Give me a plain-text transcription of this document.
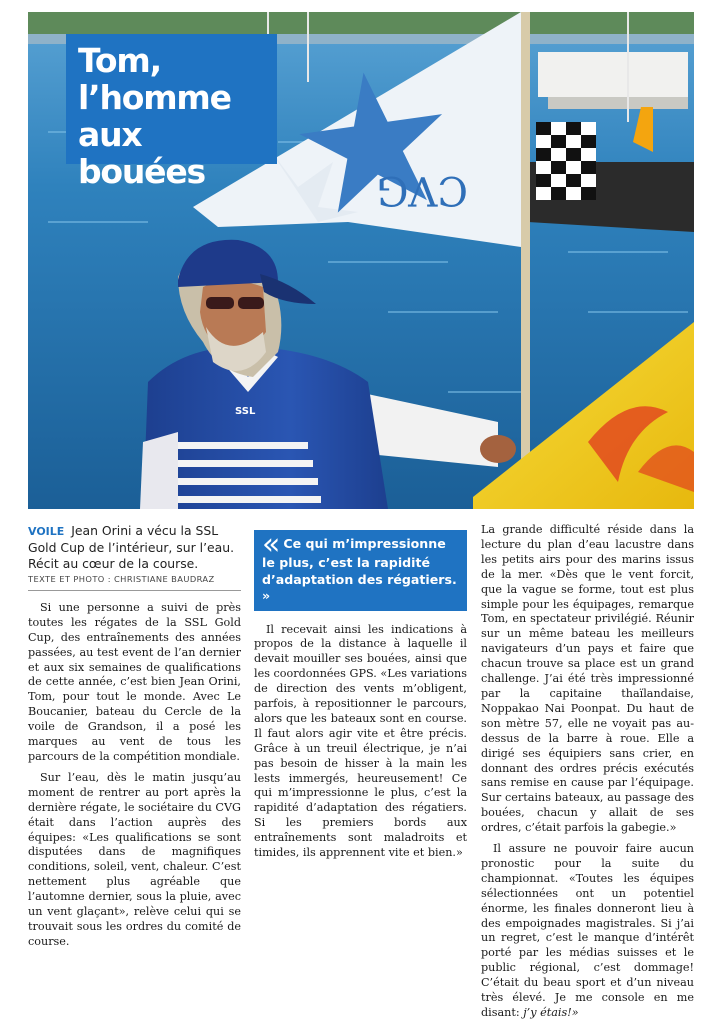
CVG
SSL
Tom,
l’homme
aux bouées

VOILE Jean Orini a vécu la SSL Gold Cup de l’intérieur, sur l’eau. Récit au cœur de la course.

TEXTE ET PHOTO : CHRISTIANE BAUDRAZ

Si une personne a suivi de près toutes les régates de la SSL Gold Cup, des entraînements des années passées, au test event de l’an dernier et aux six semaines de qualifications de cette année, c’est bien Jean Orini, Tom, pour tout le monde. Avec Le Boucanier, bateau du Cercle de la voile de Grandson, il a posé les marques au vent de tous les parcours de la compétition mondiale.

Sur l’eau, dès le matin jusqu’au moment de rentrer au port après la dernière régate, le sociétaire du CVG était dans l’action auprès des équipes: «Les qualifications se sont disputées dans de magnifiques conditions, soleil, vent, chaleur. C’est nettement plus agréable que l’automne dernier, sous la pluie, avec un vent glaçant», relève celui qui se trouvait sous les ordres du comité de course.

« Ce qui m’impressionne le plus, c’est la rapidité d’adaptation des régatiers. »

Il recevait ainsi les indications à propos de la distance à laquelle il devait mouiller ses bouées, ainsi que les coordonnées GPS. «Les variations de direction des vents m’obligent, parfois, à repositionner le parcours, alors que les bateaux sont en course. Il faut alors agir vite et être précis. Grâce à un treuil électrique, je n’ai pas besoin de hisser à la main les lests immergés, heureusement! Ce qui m’impressionne le plus, c’est la rapidité d’adaptation des régatiers. Si les premiers bords aux entraînements sont maladroits et timides, ils apprennent vite et bien.»

La grande difficulté réside dans la lecture du plan d’eau lacustre dans les petits airs pour des marins issus de la mer. «Dès que le vent forcit, que la vague se forme, tout est plus simple pour les équipages, remarque Tom, en spectateur privilégié. Réunir sur un même bateau les meilleurs navigateurs d’un pays et faire que chacun trouve sa place est un grand challenge. J’ai été très impressionné par la capitaine thaïlandaise, Noppakao Nai Poonpat. Du haut de son mètre 57, elle ne voyait pas au-dessus de la barre à roue. Elle a dirigé ses équipiers sans crier, en donnant des ordres précis exécutés sans remise en cause par l’équipage. Sur certains bateaux, au passage des bouées, chacun y allait de ses ordres, c’était parfois la gabegie.»

Il assure ne pouvoir faire aucun pronostic pour la suite du championnat. «Toutes les équipes sélectionnées ont un potentiel énorme, les finales donneront lieu à des empoignades magistrales. Si j’ai un regret, c’est le manque d’intérêt porté par les médias suisses et le public régional, c’est dommage! C’était du beau sport et d’un niveau très élevé. Je me console en me disant: j’y étais!»
